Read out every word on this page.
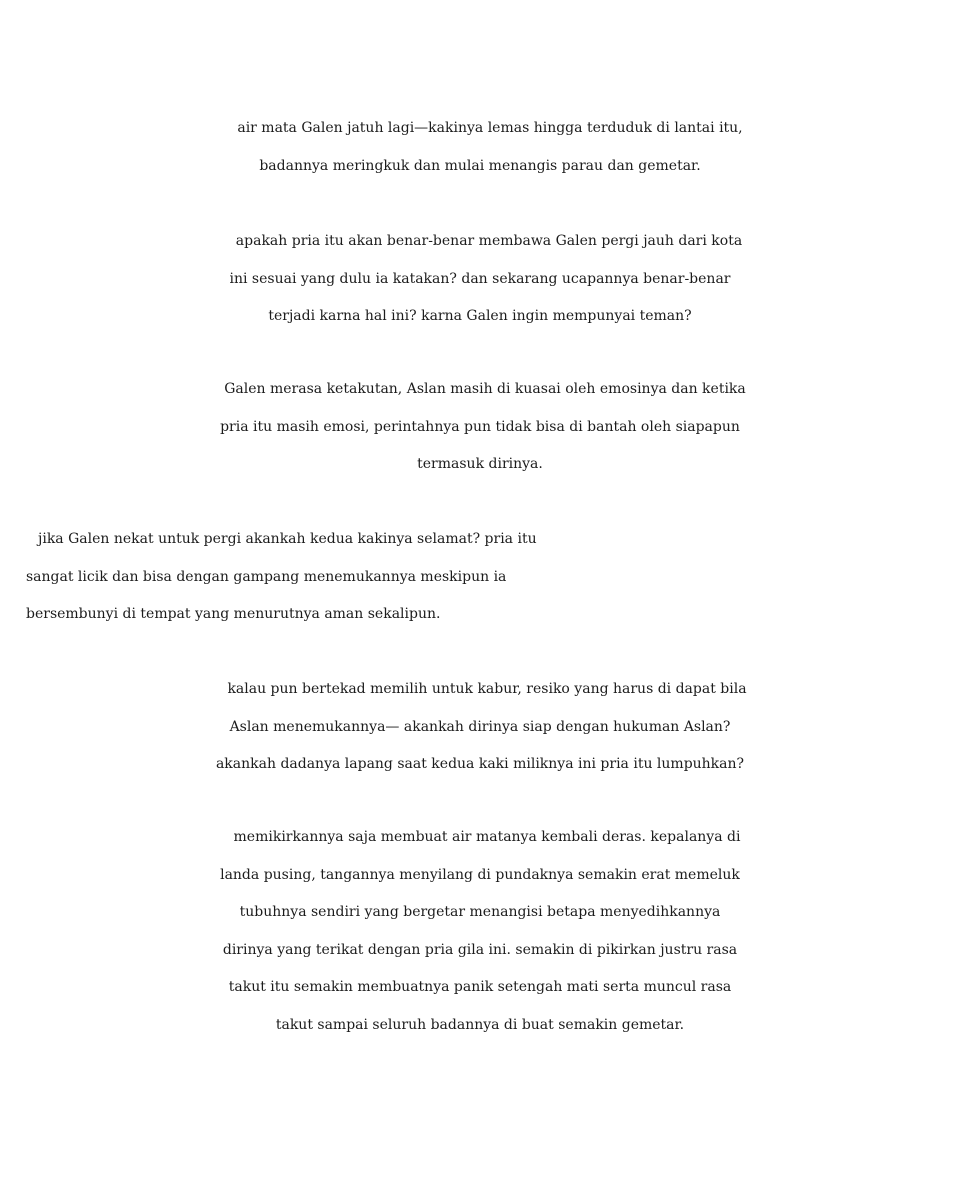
air mata Galen jatuh lagi—kakinya lemas hingga terduduk di lantai itu,
badannya meringkuk dan mulai menangis parau dan gemetar.
apakah pria itu akan benar-benar membawa Galen pergi jauh dari kota
ini sesuai yang dulu ia katakan? dan sekarang ucapannya benar-benar
terjadi karna hal ini? karna Galen ingin mempunyai teman?
Galen merasa ketakutan, Aslan masih di kuasai oleh emosinya dan ketika
pria itu masih emosi, perintahnya pun tidak bisa di bantah oleh siapapun
termasuk dirinya.
jika Galen nekat untuk pergi akankah kedua kakinya selamat? pria itu
sangat licik dan bisa dengan gampang menemukannya meskipun ia
bersembunyi di tempat yang menurutnya aman sekalipun.
kalau pun bertekad memilih untuk kabur, resiko yang harus di dapat bila
Aslan menemukannya— akankah dirinya siap dengan hukuman Aslan?
akankah dadanya lapang saat kedua kaki miliknya ini pria itu lumpuhkan?
memikirkannya saja membuat air matanya kembali deras. kepalanya di
landa pusing, tangannya menyilang di pundaknya semakin erat memeluk
tubuhnya sendiri yang bergetar menangisi betapa menyedihkannya
dirinya yang terikat dengan pria gila ini. semakin di pikirkan justru rasa
takut itu semakin membuatnya panik setengah mati serta muncul rasa
takut sampai seluruh badannya di buat semakin gemetar.
